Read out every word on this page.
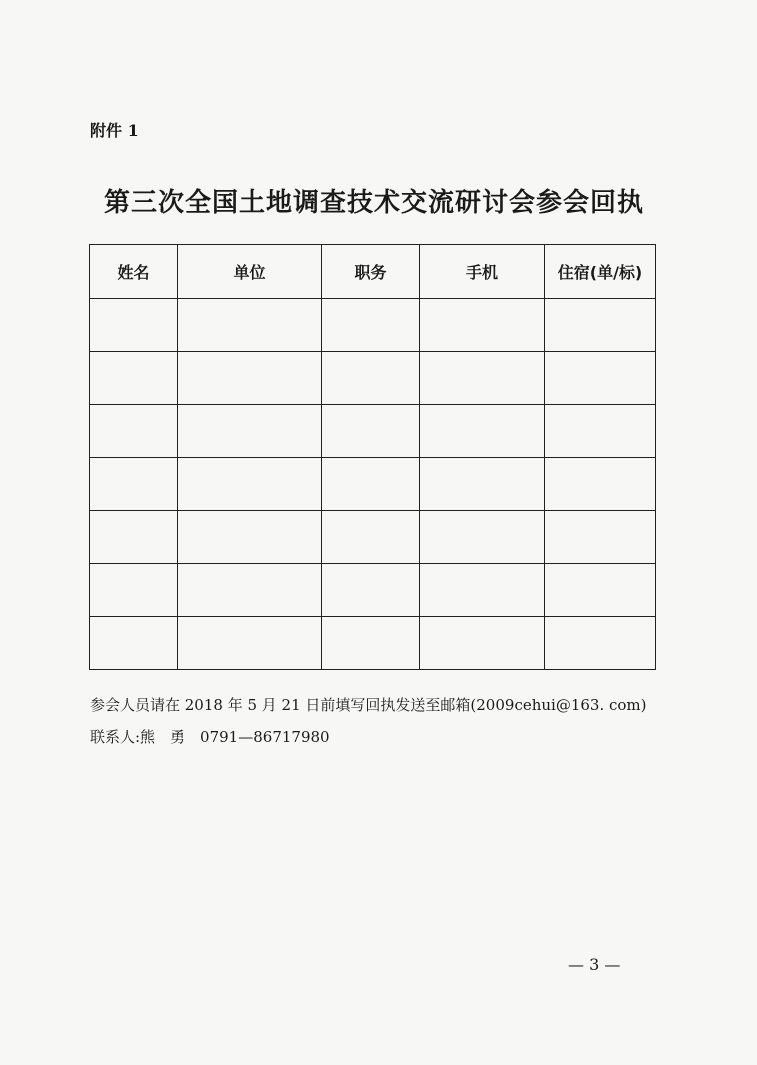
附件 1
第三次全国土地调查技术交流研讨会参会回执
姓名	单位	职务	手机	住宿(单/标)

参会人员请在 2018 年 5 月 21 日前填写回执发送至邮箱(2009cehui@163. com)
联系人:熊　勇　0791—86717980
— 3 —
